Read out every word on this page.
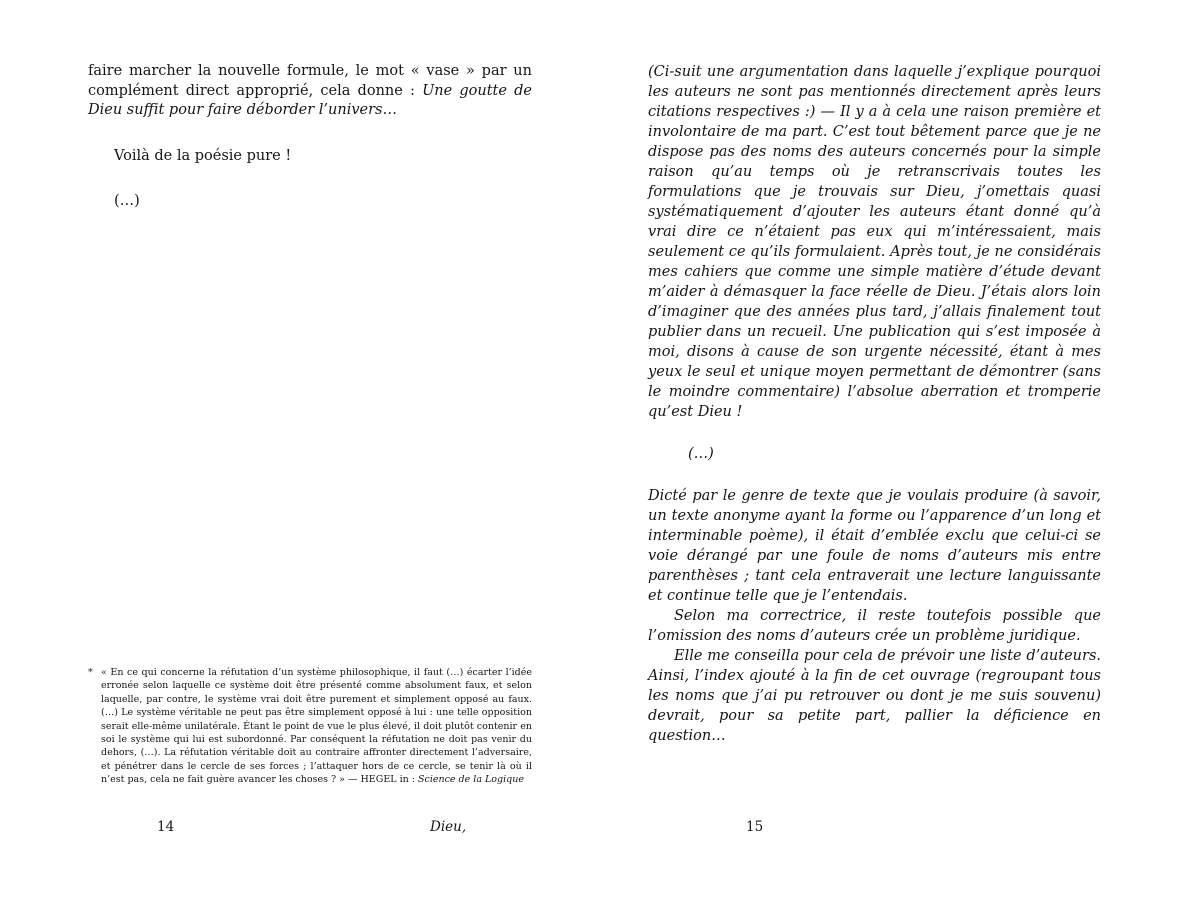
faire marcher la nouvelle formule, le mot « vase » par un complément direct approprié, cela donne : Une goutte de Dieu suffit pour faire déborder l’univers…

Voilà de la poésie pure !

(…)

* « En ce qui concerne la réfutation d’un système philosophique, il faut (…) écarter l’idée erronée selon laquelle ce système doit être présenté comme absolument faux, et selon laquelle, par contre, le système vrai doit être purement et simplement opposé au faux. (…) Le système véritable ne peut pas être simplement opposé à lui : une telle opposition serait elle-même unilatérale. Étant le point de vue le plus élevé, il doit plutôt contenir en soi le système qui lui est subordonné. Par conséquent la réfutation ne doit pas venir du dehors, (…). La réfutation véritable doit au contraire affronter directement l’adversaire, et pénétrer dans le cercle de ses forces ; l’attaquer hors de ce cercle, se tenir là où il n’est pas, cela ne fait guère avancer les choses ? » — HEGEL in : Science de la Logique
14	Dieu,

(Ci-suit une argumentation dans laquelle j’explique pourquoi les auteurs ne sont pas mentionnés directement après leurs citations respectives :) — Il y a à cela une raison première et involontaire de ma part. C’est tout bêtement parce que je ne dispose pas des noms des auteurs concernés pour la simple raison qu’au temps où je retranscrivais toutes les formulations que je trouvais sur Dieu, j’omettais quasi systématiquement d’ajouter les auteurs étant donné qu’à vrai dire ce n’étaient pas eux qui m’intéressaient, mais seulement ce qu’ils formulaient. Après tout, je ne considérais mes cahiers que comme une simple matière d’étude devant m’aider à démasquer la face réelle de Dieu. J’étais alors loin d’imaginer que des années plus tard, j’allais finalement tout publier dans un recueil. Une publication qui s’est imposée à moi, disons à cause de son urgente nécessité, étant à mes yeux le seul et unique moyen permettant de démontrer (sans le moindre commentaire) l’absolue aberration et tromperie qu’est Dieu !

(…)

Dicté par le genre de texte que je voulais produire (à savoir, un texte anonyme ayant la forme ou l’apparence d’un long et interminable poème), il était d’emblée exclu que celui-ci se voie dérangé par une foule de noms d’auteurs mis entre parenthèses ; tant cela entraverait une lecture languissante et continue telle que je l’entendais.

Selon ma correctrice, il reste toutefois possible que l’omission des noms d’auteurs crée un problème juridique.

Elle me conseilla pour cela de prévoir une liste d’auteurs. Ainsi, l’index ajouté à la fin de cet ouvrage (regroupant tous les noms que j’ai pu retrouver ou dont je me suis souvenu) devrait, pour sa petite part, pallier la déficience en question…

15
